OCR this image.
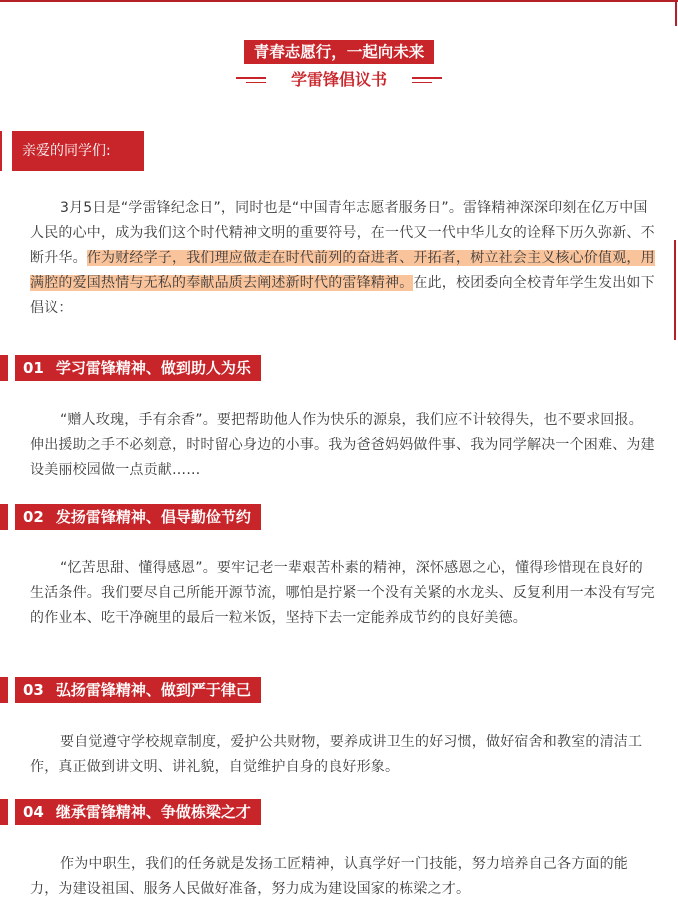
青春志愿行，一起向未来
学雷锋倡议书
亲爱的同学们:
3月5日是“学雷锋纪念日”，同时也是“中国青年志愿者服务日”。雷锋精神深深印刻在亿万中国人民的心中，成为我们这个时代精神文明的重要符号，在一代又一代中华儿女的诠释下历久弥新、不断升华。作为财经学子，我们理应做走在时代前列的奋进者、开拓者，树立社会主义核心价值观，用满腔的爱国热情与无私的奉献品质去阐述新时代的雷锋精神。在此，校团委向全校青年学生发出如下倡议：
01 学习雷锋精神、做到助人为乐
“赠人玫瑰，手有余香”。要把帮助他人作为快乐的源泉，我们应不计较得失，也不要求回报。伸出援助之手不必刻意，时时留心身边的小事。我为爸爸妈妈做件事、我为同学解决一个困难、为建设美丽校园做一点贡献……
02 发扬雷锋精神、倡导勤俭节约
“忆苦思甜、懂得感恩”。要牢记老一辈艰苦朴素的精神，深怀感恩之心，懂得珍惜现在良好的生活条件。我们要尽自己所能开源节流，哪怕是拧紧一个没有关紧的水龙头、反复利用一本没有写完的作业本、吃干净碗里的最后一粒米饭，坚持下去一定能养成节约的良好美德。
03 弘扬雷锋精神、做到严于律己
要自觉遵守学校规章制度，爱护公共财物，要养成讲卫生的好习惯，做好宿舍和教室的清洁工作，真正做到讲文明、讲礼貌，自觉维护自身的良好形象。
04 继承雷锋精神、争做栋梁之才
作为中职生，我们的任务就是发扬工匠精神，认真学好一门技能，努力培养自己各方面的能力，为建设祖国、服务人民做好准备，努力成为建设国家的栋梁之才。
